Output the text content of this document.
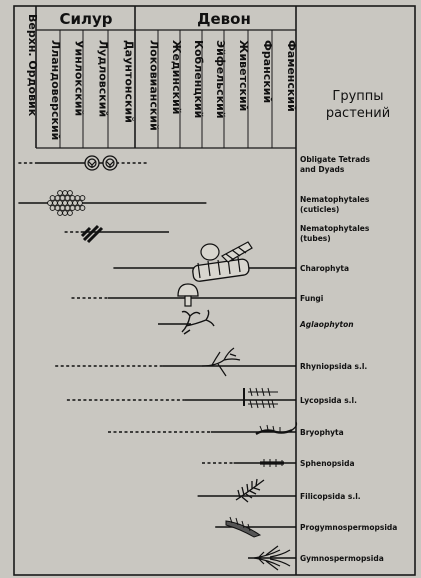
Силур	Девон
Группы
растений
Верхн. Ордовик Лландоверский Уинлокский Лудловский Даунтонский Локовианский Жединский Кобленцкий Эйфельский Живетский Франский Фаменский
Obligate Tetrads
and Dyads
Nematophytales
(cuticles)
Nematophytales
(tubes)
Charophyta
Fungi
Aglaophyton
Rhyniopsida s.l.
Lycopsida s.l.
Bryophyta
Sphenopsida
Filicopsida s.l.
Progymnospermopsida
Gymnospermopsida
